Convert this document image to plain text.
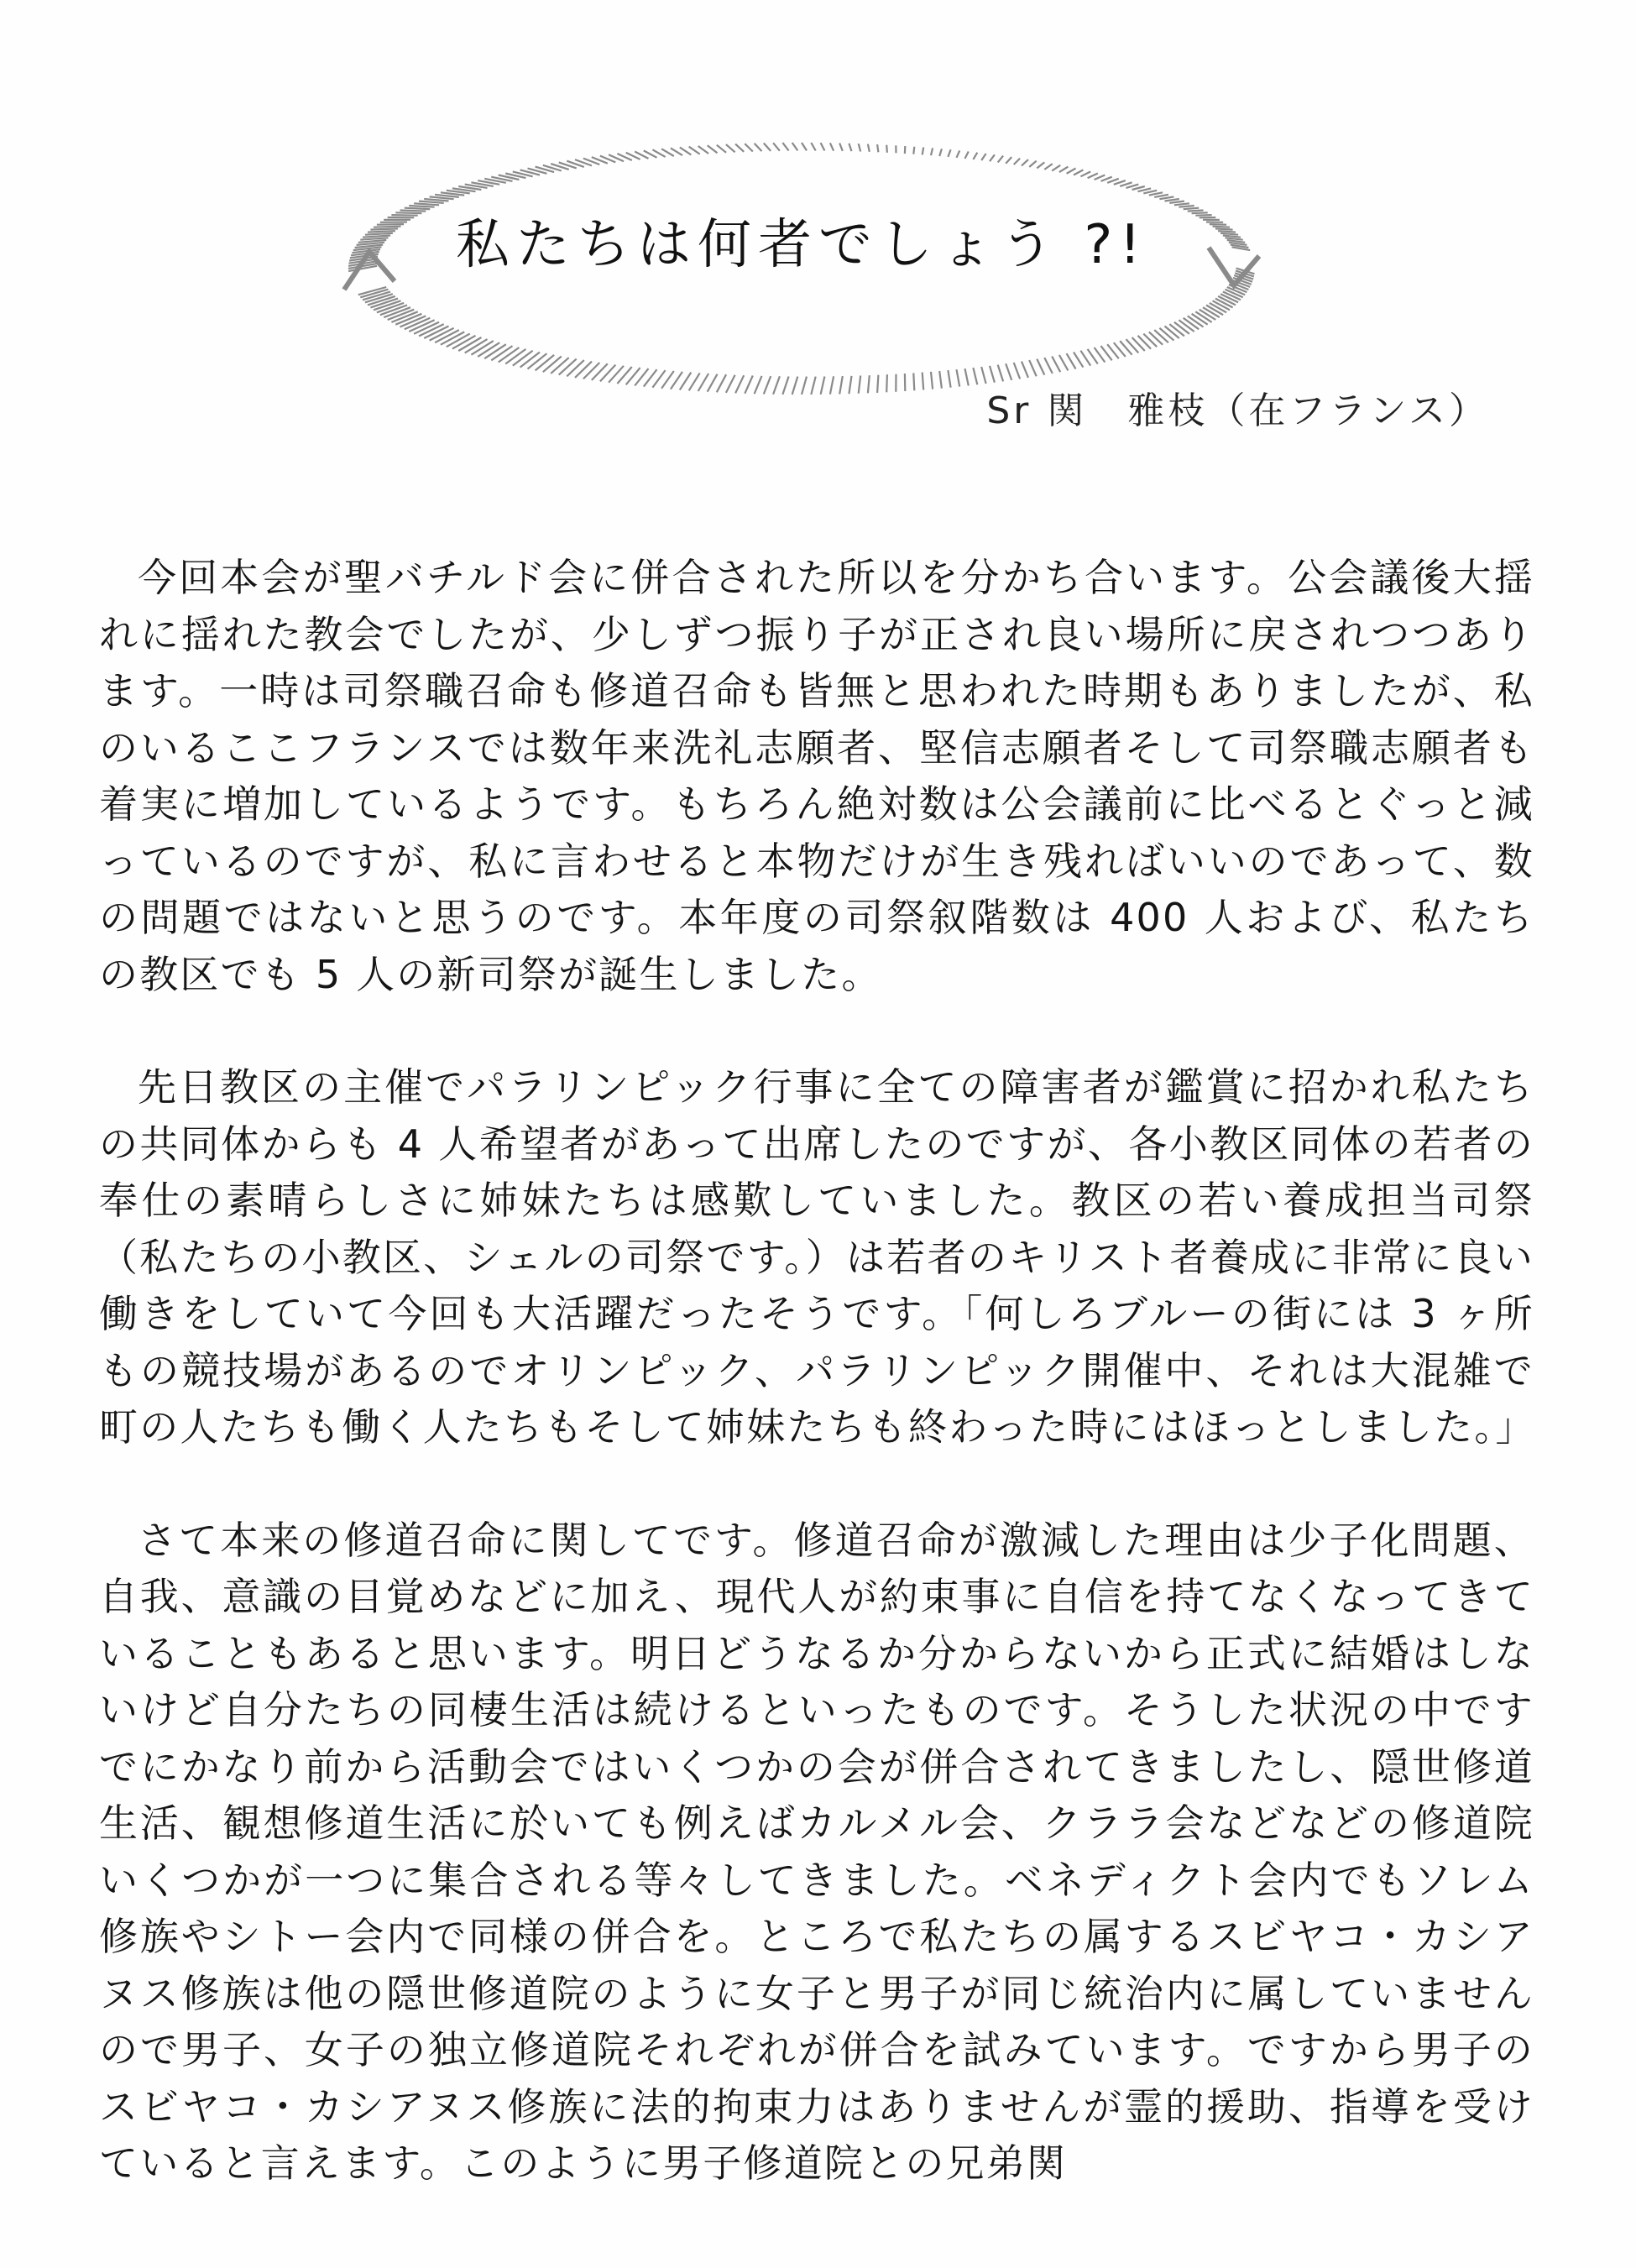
私たちは何者でしょう ?!
Sr 関　雅枝（在フランス）

今回本会が聖バチルド会に併合された所以を分かち合います。公会議後大揺れに揺れた教会でしたが、少しずつ振り子が正され良い場所に戻されつつあります。一時は司祭職召命も修道召命も皆無と思われた時期もありましたが、私のいるここフランスでは数年来洗礼志願者、堅信志願者そして司祭職志願者も着実に増加しているようです。もちろん絶対数は公会議前に比べるとぐっと減っているのですが、私に言わせると本物だけが生き残ればいいのであって、数の問題ではないと思うのです。本年度の司祭叙階数は 400 人および、私たちの教区でも 5 人の新司祭が誕生しました。

先日教区の主催でパラリンピック行事に全ての障害者が鑑賞に招かれ私たちの共同体からも 4 人希望者があって出席したのですが、各小教区同体の若者の奉仕の素晴らしさに姉妹たちは感歎していました。教区の若い養成担当司祭（私たちの小教区、シェルの司祭です。）は若者のキリスト者養成に非常に良い働きをしていて今回も大活躍だったそうです。「何しろブルーの街には 3 ヶ所もの競技場があるのでオリンピック、パラリンピック開催中、それは大混雑で町の人たちも働く人たちもそして姉妹たちも終わった時にはほっとしました。」

さて本来の修道召命に関してです。修道召命が激減した理由は少子化問題、自我、意識の目覚めなどに加え、現代人が約束事に自信を持てなくなってきていることもあると思います。明日どうなるか分からないから正式に結婚はしないけど自分たちの同棲生活は続けるといったものです。そうした状況の中ですでにかなり前から活動会ではいくつかの会が併合されてきましたし、隠世修道生活、観想修道生活に於いても例えばカルメル会、クララ会などなどの修道院いくつかが一つに集合される等々してきました。ベネディクト会内でもソレム修族やシトー会内で同様の併合を。ところで私たちの属するスビヤコ・カシアヌス修族は他の隠世修道院のように女子と男子が同じ統治内に属していませんので男子、女子の独立修道院それぞれが併合を試みています。ですから男子のスビヤコ・カシアヌス修族に法的拘束力はありませんが霊的援助、指導を受けていると言えます。このように男子修道院との兄弟関
